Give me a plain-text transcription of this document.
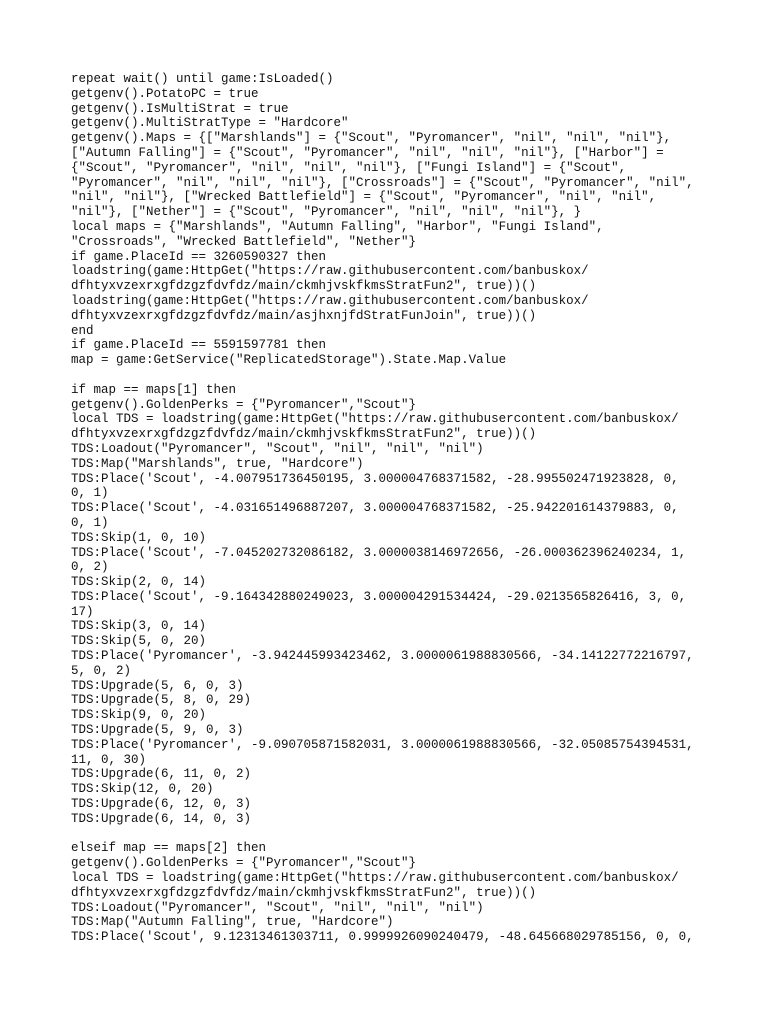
repeat wait() until game:IsLoaded()
getgenv().PotatoPC = true
getgenv().IsMultiStrat = true
getgenv().MultiStratType = "Hardcore"
getgenv().Maps = {["Marshlands"] = {"Scout", "Pyromancer", "nil", "nil", "nil"},
["Autumn Falling"] = {"Scout", "Pyromancer", "nil", "nil", "nil"}, ["Harbor"] =
{"Scout", "Pyromancer", "nil", "nil", "nil"}, ["Fungi Island"] = {"Scout",
"Pyromancer", "nil", "nil", "nil"}, ["Crossroads"] = {"Scout", "Pyromancer", "nil",
"nil", "nil"}, ["Wrecked Battlefield"] = {"Scout", "Pyromancer", "nil", "nil",
"nil"}, ["Nether"] = {"Scout", "Pyromancer", "nil", "nil", "nil"}, }
local maps = {"Marshlands", "Autumn Falling", "Harbor", "Fungi Island",
"Crossroads", "Wrecked Battlefield", "Nether"}
if game.PlaceId == 3260590327 then
loadstring(game:HttpGet("https://raw.githubusercontent.com/banbuskox/
dfhtyxvzexrxgfdzgzfdvfdz/main/ckmhjvskfkmsStratFun2", true))()
loadstring(game:HttpGet("https://raw.githubusercontent.com/banbuskox/
dfhtyxvzexrxgfdzgzfdvfdz/main/asjhxnjfdStratFunJoin", true))()
end
if game.PlaceId == 5591597781 then
map = game:GetService("ReplicatedStorage").State.Map.Value
if map == maps[1] then
getgenv().GoldenPerks = {"Pyromancer","Scout"}
local TDS = loadstring(game:HttpGet("https://raw.githubusercontent.com/banbuskox/
dfhtyxvzexrxgfdzgzfdvfdz/main/ckmhjvskfkmsStratFun2", true))()
TDS:Loadout("Pyromancer", "Scout", "nil", "nil", "nil")
TDS:Map("Marshlands", true, "Hardcore")
TDS:Place('Scout', -4.007951736450195, 3.000004768371582, -28.995502471923828, 0,
0, 1)
TDS:Place('Scout', -4.031651496887207, 3.000004768371582, -25.942201614379883, 0,
0, 1)
TDS:Skip(1, 0, 10)
TDS:Place('Scout', -7.045202732086182, 3.0000038146972656, -26.000362396240234, 1,
0, 2)
TDS:Skip(2, 0, 14)
TDS:Place('Scout', -9.164342880249023, 3.000004291534424, -29.0213565826416, 3, 0,
17)
TDS:Skip(3, 0, 14)
TDS:Skip(5, 0, 20)
TDS:Place('Pyromancer', -3.942445993423462, 3.0000061988830566, -34.14122772216797,
5, 0, 2)
TDS:Upgrade(5, 6, 0, 3)
TDS:Upgrade(5, 8, 0, 29)
TDS:Skip(9, 0, 20)
TDS:Upgrade(5, 9, 0, 3)
TDS:Place('Pyromancer', -9.090705871582031, 3.0000061988830566, -32.05085754394531,
11, 0, 30)
TDS:Upgrade(6, 11, 0, 2)
TDS:Skip(12, 0, 20)
TDS:Upgrade(6, 12, 0, 3)
TDS:Upgrade(6, 14, 0, 3)
elseif map == maps[2] then
getgenv().GoldenPerks = {"Pyromancer","Scout"}
local TDS = loadstring(game:HttpGet("https://raw.githubusercontent.com/banbuskox/
dfhtyxvzexrxgfdzgzfdvfdz/main/ckmhjvskfkmsStratFun2", true))()
TDS:Loadout("Pyromancer", "Scout", "nil", "nil", "nil")
TDS:Map("Autumn Falling", true, "Hardcore")
TDS:Place('Scout', 9.12313461303711, 0.9999926090240479, -48.645668029785156, 0, 0,
